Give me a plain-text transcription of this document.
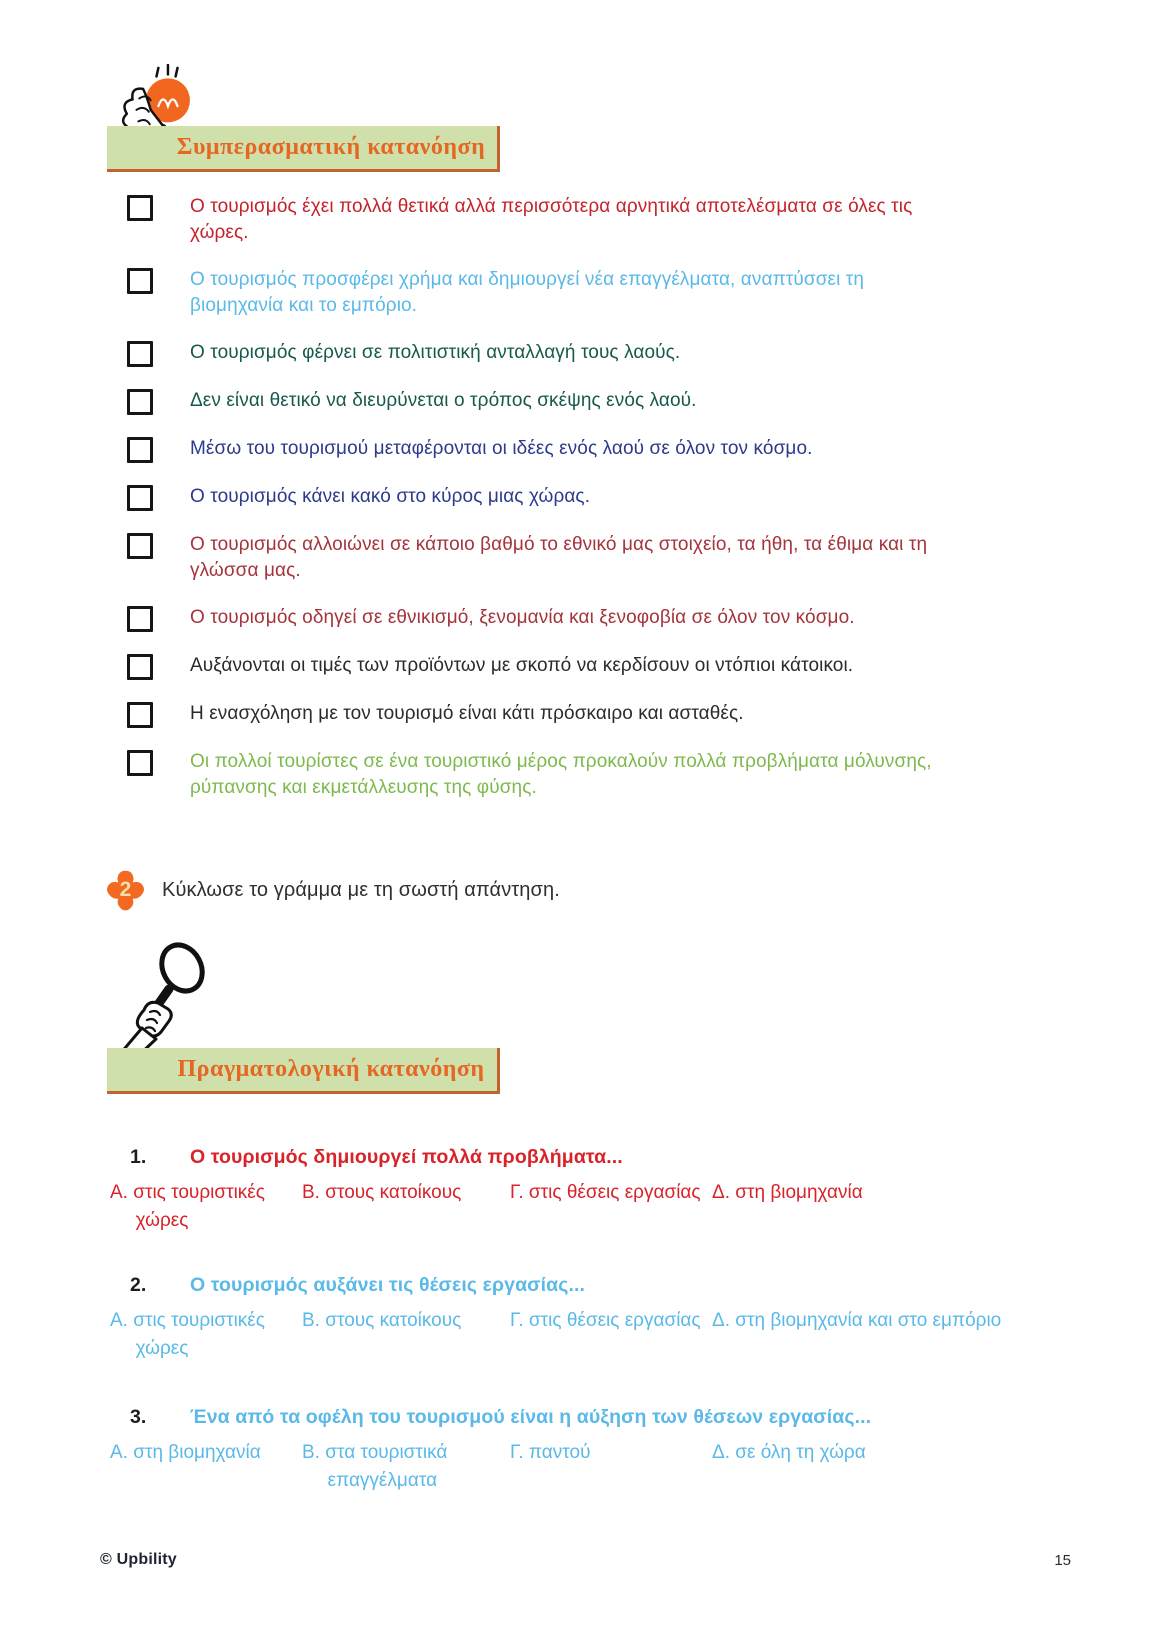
Συμπερασματική κατανόηση
Ο τουρισμός έχει πολλά θετικά αλλά περισσότερα αρνητικά αποτελέσματα σε όλες τις χώρες.
Ο τουρισμός προσφέρει χρήμα και δημιουργεί νέα επαγγέλματα, αναπτύσσει τη βιομηχανία και το εμπόριο.
Ο τουρισμός φέρνει σε πολιτιστική ανταλλαγή τους λαούς.
Δεν είναι θετικό να διευρύνεται ο τρόπος σκέψης ενός λαού.
Μέσω του τουρισμού μεταφέρονται οι ιδέες ενός λαού σε όλον τον κόσμο.
Ο τουρισμός κάνει κακό στο κύρος μιας χώρας.
Ο τουρισμός αλλοιώνει σε κάποιο βαθμό το εθνικό μας στοιχείο, τα ήθη, τα έθιμα και τη γλώσσα μας.
Ο τουρισμός οδηγεί σε εθνικισμό, ξενομανία και ξενοφοβία σε όλον τον κόσμο.
Αυξάνονται οι τιμές των προϊόντων με σκοπό να κερδίσουν οι ντόπιοι κάτοικοι.
Η ενασχόληση με τον τουρισμό είναι κάτι πρόσκαιρο και ασταθές.
Οι πολλοί τουρίστες σε ένα τουριστικό μέρος προκαλούν πολλά προβλήματα μόλυνσης, ρύπανσης και εκμετάλλευσης της φύσης.
2	Κύκλωσε το γράμμα με τη σωστή απάντηση.
Πραγματολογική κατανόηση
1.	Ο τουρισμός δημιουργεί πολλά προβλήματα...
Α. στις τουριστικές χώρες
Β. στους κατοίκους	Γ. στις θέσεις εργασίας Δ. στη βιομηχανία
2.	Ο τουρισμός αυξάνει τις θέσεις εργασίας...
Α. στις τουριστικές χώρες
Β. στους κατοίκους	Γ. στις θέσεις εργασίας Δ. στη βιομηχανία και στο εμπόριο
3.	Ένα από τα οφέλη του τουρισμού είναι η αύξηση των θέσεων εργασίας...
Α. στη βιομηχανία	Β. στα τουριστικά επαγγέλματα
Γ. παντού	Δ. σε όλη τη χώρα
© Upbility	15
